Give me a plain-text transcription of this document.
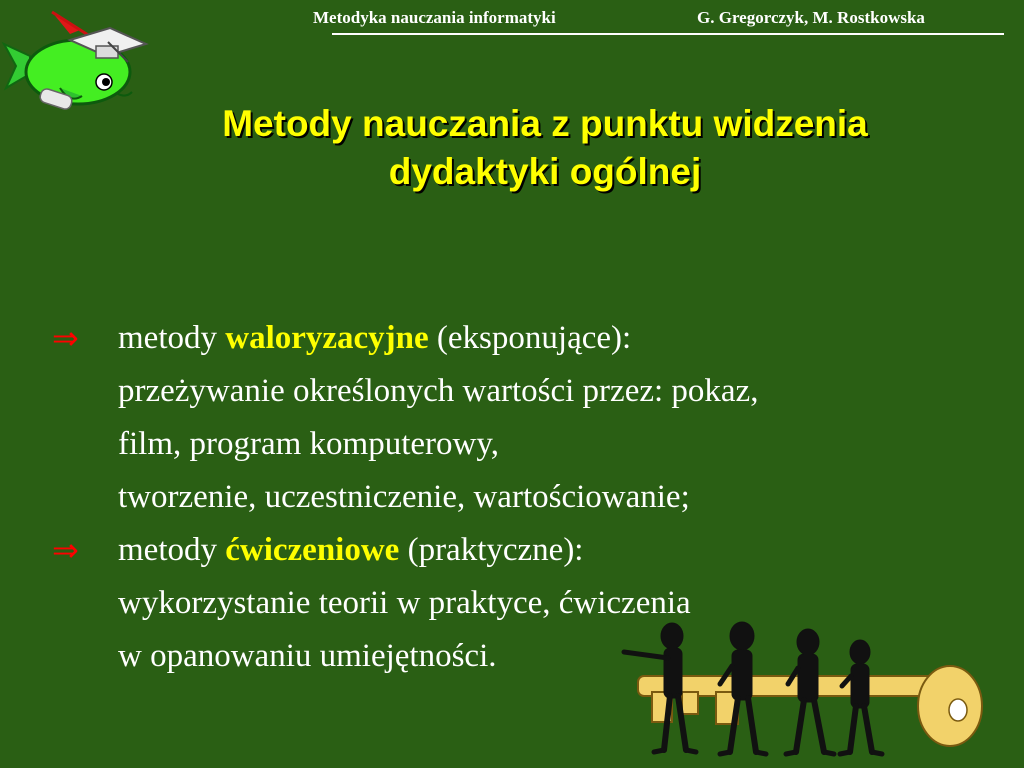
Metodyka nauczania informatyki	G. Gregorczyk, M. Rostkowska
Metody nauczania z punktu widzenia
dydaktyki ogólnej
⇒	metody waloryzacyjne (eksponujące):
przeżywanie określonych wartości przez: pokaz,
film, program komputerowy,
tworzenie, uczestniczenie, wartościowanie;
⇒	metody ćwiczeniowe (praktyczne):
wykorzystanie teorii w praktyce, ćwiczenia
w opanowaniu umiejętności.
